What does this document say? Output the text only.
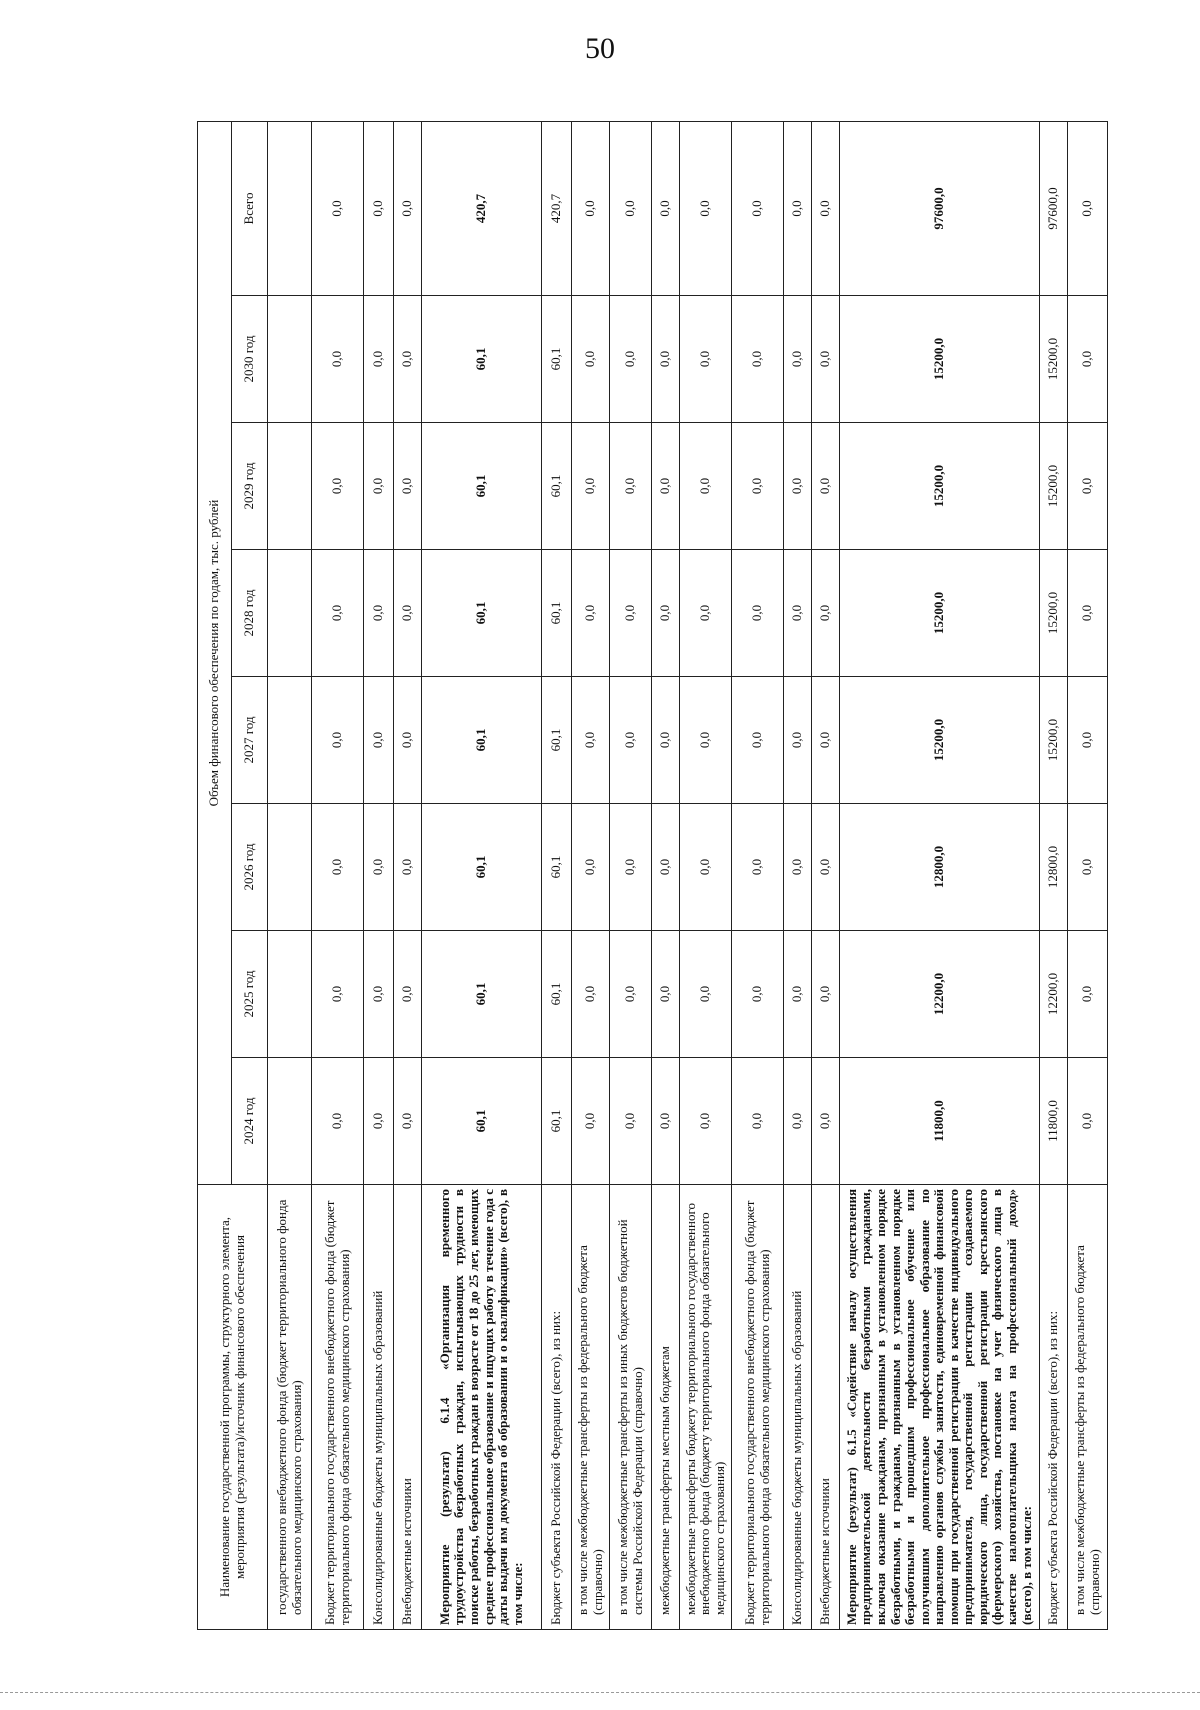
50
Наименование государственной программы, структурного элемента, мероприятия (результата)/источник финансового обеспечения	Объем финансового обеспечения по годам, тыс. рублей							
	2024 год	2025 год	2026 год	2027 год	2028 год	2029 год	2030 год	Всего
государственного внебюджетного фонда (бюджет территориального фонда обязательного медицинского страхования)								
Бюджет территориального государственного внебюджетного фонда (бюджет территориального фонда обязательного медицинского страхования)	0,0	0,0	0,0	0,0	0,0	0,0	0,0	0,0
Консолидированные бюджеты муниципальных образований	0,0	0,0	0,0	0,0	0,0	0,0	0,0	0,0
Внебюджетные источники	0,0	0,0	0,0	0,0	0,0	0,0	0,0	0,0
Мероприятие (результат) 6.1.4 «Организация временного трудоустройства безработных граждан, испытывающих трудности в поиске работы, безработных граждан в возрасте от 18 до 25 лет, имеющих среднее профессиональное образование и ищущих работу в течение года с даты выдачи им документа об образовании и о квалификации» (всего), в том числе:	60,1	60,1	60,1	60,1	60,1	60,1	60,1	420,7
Бюджет субъекта Российской Федерации (всего), из них:	60,1	60,1	60,1	60,1	60,1	60,1	60,1	420,7
в том числе межбюджетные трансферты из федерального бюджета (справочно)	0,0	0,0	0,0	0,0	0,0	0,0	0,0	0,0
в том числе межбюджетные трансферты из иных бюджетов бюджетной системы Российской Федерации (справочно)	0,0	0,0	0,0	0,0	0,0	0,0	0,0	0,0
межбюджетные трансферты местным бюджетам	0,0	0,0	0,0	0,0	0,0	0,0	0,0	0,0
межбюджетные трансферты бюджету территориального государственного внебюджетного фонда (бюджету территориального фонда обязательного медицинского страхования)	0,0	0,0	0,0	0,0	0,0	0,0	0,0	0,0
Бюджет территориального государственного внебюджетного фонда (бюджет территориального фонда обязательного медицинского страхования)	0,0	0,0	0,0	0,0	0,0	0,0	0,0	0,0
Консолидированные бюджеты муниципальных образований	0,0	0,0	0,0	0,0	0,0	0,0	0,0	0,0
Внебюджетные источники	0,0	0,0	0,0	0,0	0,0	0,0	0,0	0,0
Мероприятие (результат) 6.1.5 «Содействие началу осуществления предпринимательской деятельности безработными гражданами, включая оказание гражданам, признанным в установленном порядке безработными, и гражданам, признанным в установленном порядке безработными и прошедшим профессиональное обучение или получившим дополнительное профессиональное образование по направлению органов службы занятости, единовременной финансовой помощи при государственной регистрации в качестве индивидуального предпринимателя, государственной регистрации создаваемого юридического лица, государственной регистрации крестьянского (фермерского) хозяйства, постановке на учет физического лица в качестве налогоплательщика налога на профессиональный доход» (всего), в том числе:	11800,0	12200,0	12800,0	15200,0	15200,0	15200,0	15200,0	97600,0
Бюджет субъекта Российской Федерации (всего), из них:	11800,0	12200,0	12800,0	15200,0	15200,0	15200,0	15200,0	97600,0
в том числе межбюджетные трансферты из федерального бюджета (справочно)	0,0	0,0	0,0	0,0	0,0	0,0	0,0	0,0
